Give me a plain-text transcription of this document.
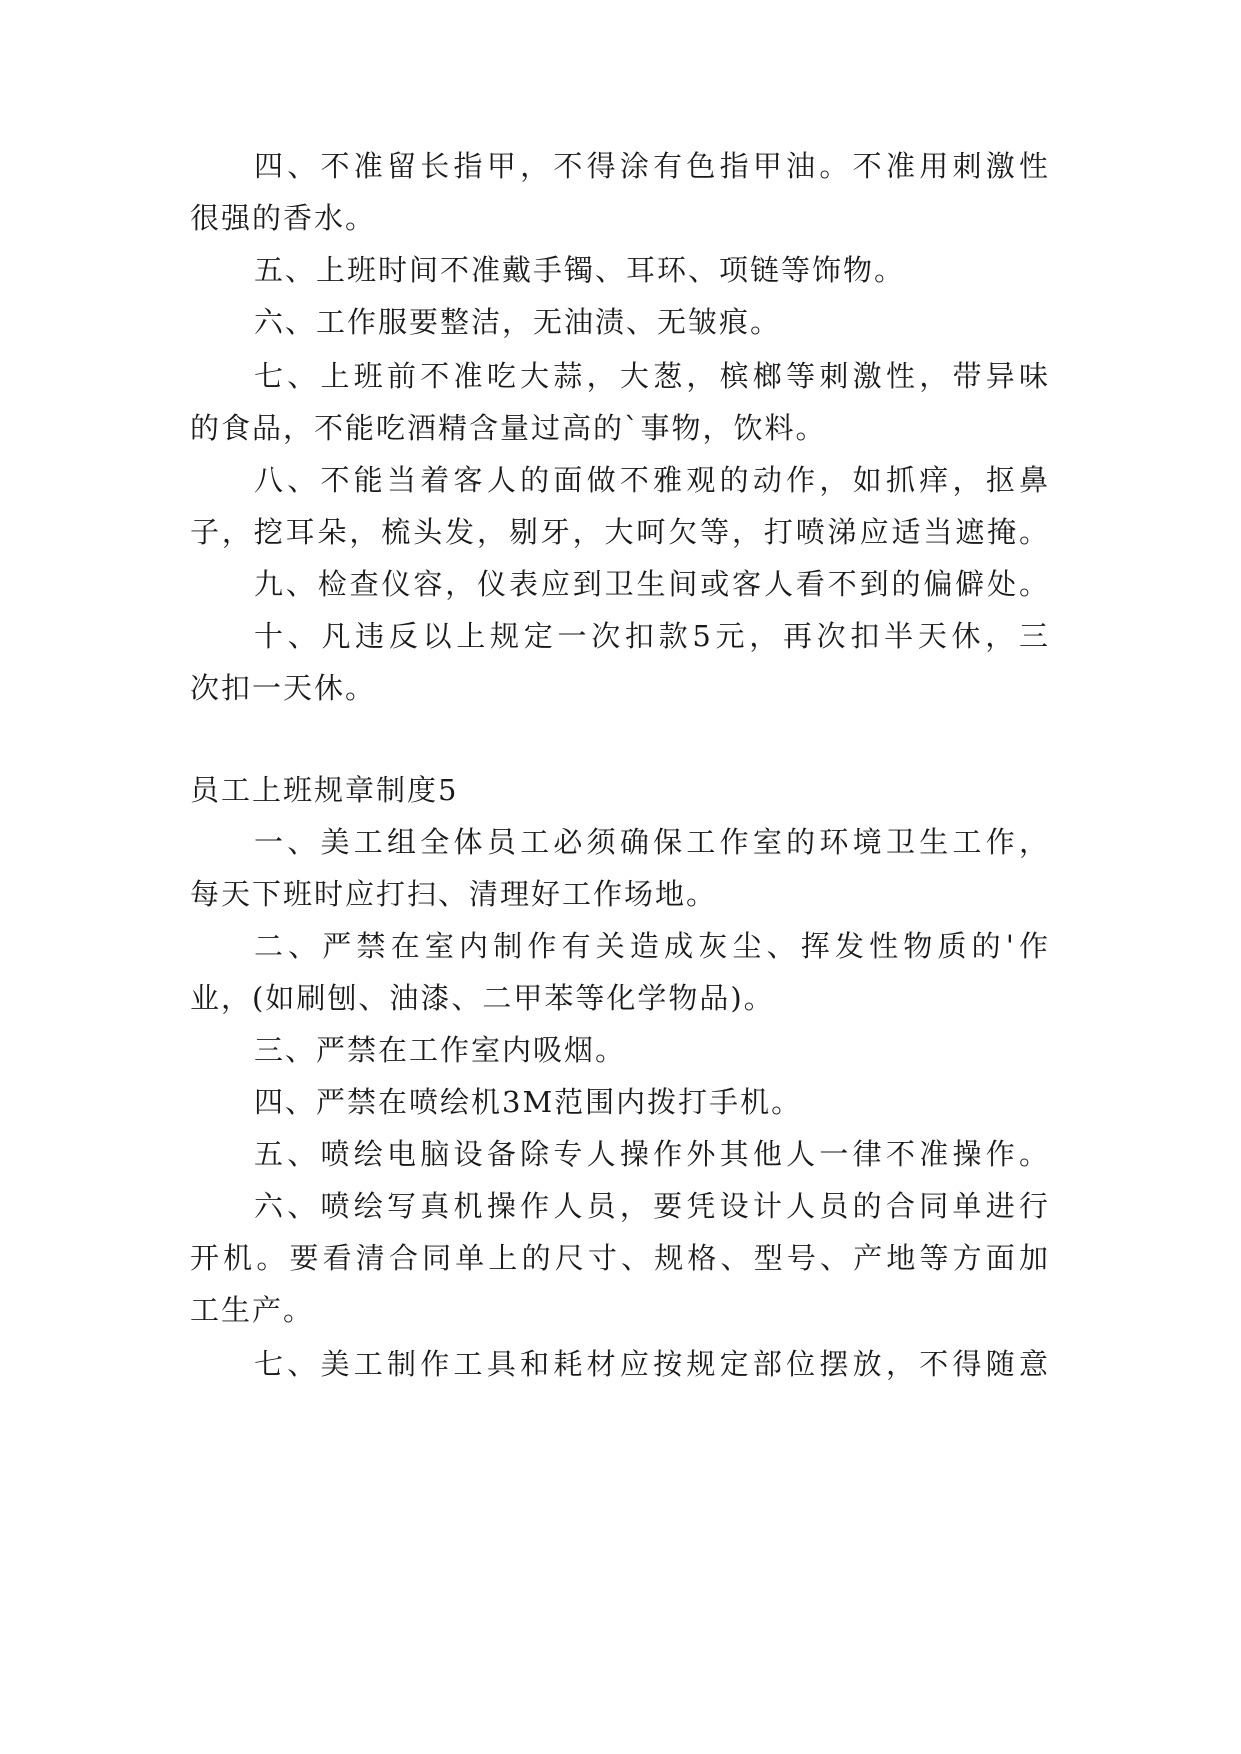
四、不准留长指甲，不得涂有色指甲油。不准用刺激性
很强的香水。
五、上班时间不准戴手镯、耳环、项链等饰物。
六、工作服要整洁，无油渍、无皱痕。
七、上班前不准吃大蒜，大葱，槟榔等刺激性，带异味
的食品，不能吃酒精含量过高的`事物，饮料。
八、不能当着客人的面做不雅观的动作，如抓痒，抠鼻
子，挖耳朵，梳头发，剔牙，大呵欠等，打喷涕应适当遮掩。
九、检查仪容，仪表应到卫生间或客人看不到的偏僻处。
十、凡违反以上规定一次扣款5元，再次扣半天休，三
次扣一天休。
员工上班规章制度5
一、美工组全体员工必须确保工作室的环境卫生工作，
每天下班时应打扫、清理好工作场地。
二、严禁在室内制作有关造成灰尘、挥发性物质的'作
业，(如刷刨、油漆、二甲苯等化学物品)。
三、严禁在工作室内吸烟。
四、严禁在喷绘机3M范围内拨打手机。
五、喷绘电脑设备除专人操作外其他人一律不准操作。
六、喷绘写真机操作人员，要凭设计人员的合同单进行
开机。要看清合同单上的尺寸、规格、型号、产地等方面加
工生产。
七、美工制作工具和耗材应按规定部位摆放，不得随意
